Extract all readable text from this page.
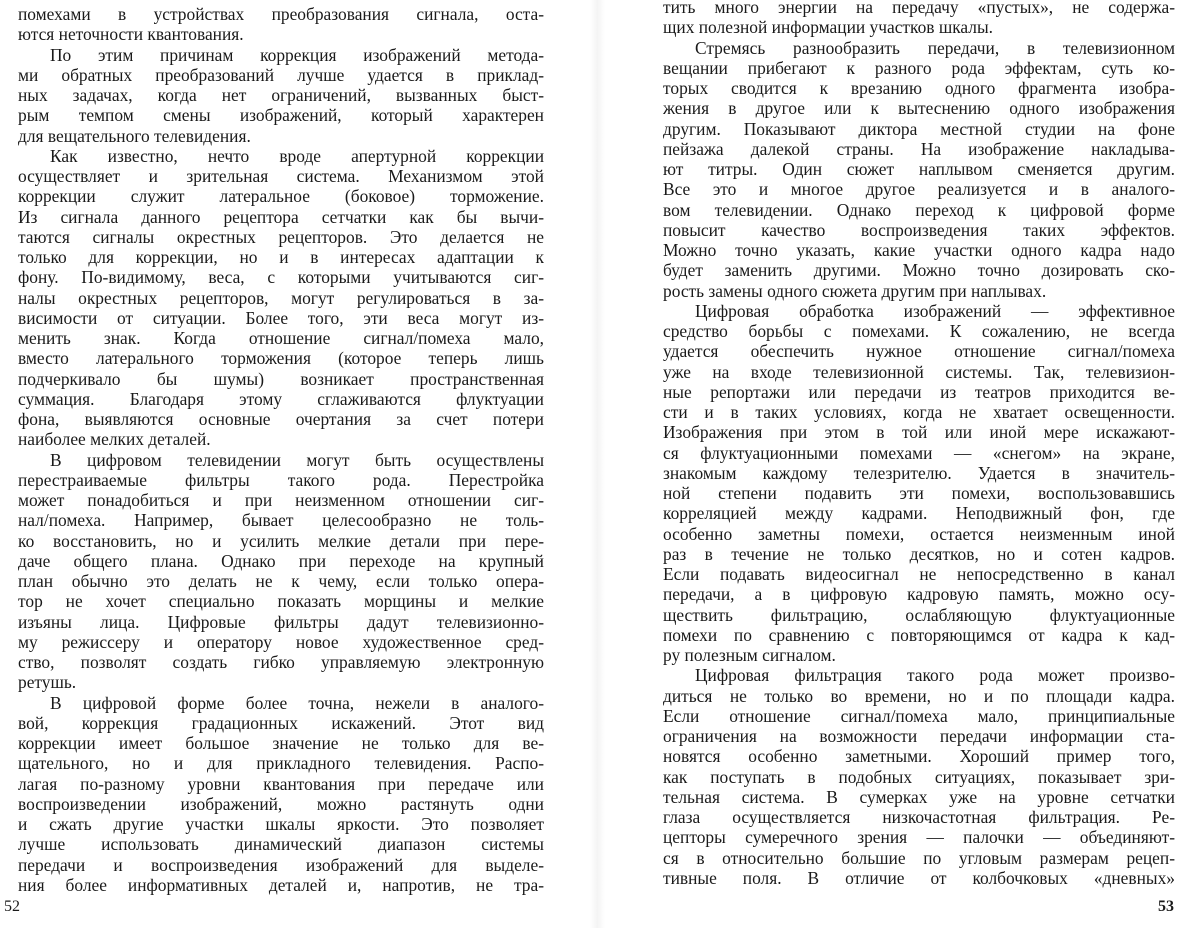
помехами в устройствах преобразования сигнала, оста-
ются неточности квантования.
По этим причинам коррекция изображений метода-
ми обратных преобразований лучше удается в приклад-
ных задачах, когда нет ограничений, вызванных быст-
рым темпом смены изображений, который характерен
для вещательного телевидения.
Как известно, нечто вроде апертурной коррекции
осуществляет и зрительная система. Механизмом этой
коррекции служит латеральное (боковое) торможение.
Из сигнала данного рецептора сетчатки как бы вычи-
таются сигналы окрестных рецепторов. Это делается не
только для коррекции, но и в интересах адаптации к
фону. По-видимому, веса, с которыми учитываются сиг-
налы окрестных рецепторов, могут регулироваться в за-
висимости от ситуации. Более того, эти веса могут из-
менить знак. Когда отношение сигнал/помеха мало,
вместо латерального торможения (которое теперь лишь
подчеркивало бы шумы) возникает пространственная
суммация. Благодаря этому сглаживаются флуктуации
фона, выявляются основные очертания за счет потери
наиболее мелких деталей.
В цифровом телевидении могут быть осуществлены
перестраиваемые фильтры такого рода. Перестройка
может понадобиться и при неизменном отношении сиг-
нал/помеха. Например, бывает целесообразно не толь-
ко восстановить, но и усилить мелкие детали при пере-
даче общего плана. Однако при переходе на крупный
план обычно это делать не к чему, если только опера-
тор не хочет специально показать морщины и мелкие
изъяны лица. Цифровые фильтры дадут телевизионно-
му режиссеру и оператору новое художественное сред-
ство, позволят создать гибко управляемую электронную
ретушь.
В цифровой форме более точна, нежели в аналого-
вой, коррекция градационных искажений. Этот вид
коррекции имеет большое значение не только для ве-
щательного, но и для прикладного телевидения. Распо-
лагая по-разному уровни квантования при передаче или
воспроизведении изображений, можно растянуть одни
и сжать другие участки шкалы яркости. Это позволяет
лучше использовать динамический диапазон системы
передачи и воспроизведения изображений для выделе-
ния более информативных деталей и, напротив, не тра-
52
тить много энергии на передачу «пустых», не содержа-
щих полезной информации участков шкалы.
Стремясь разнообразить передачи, в телевизионном
вещании прибегают к разного рода эффектам, суть ко-
торых сводится к врезанию одного фрагмента изобра-
жения в другое или к вытеснению одного изображения
другим. Показывают диктора местной студии на фоне
пейзажа далекой страны. На изображение накладыва-
ют титры. Один сюжет наплывом сменяется другим.
Все это и многое другое реализуется и в аналого-
вом телевидении. Однако переход к цифровой форме
повысит качество воспроизведения таких эффектов.
Можно точно указать, какие участки одного кадра надо
будет заменить другими. Можно точно дозировать ско-
рость замены одного сюжета другим при наплывах.
Цифровая обработка изображений — эффективное
средство борьбы с помехами. К сожалению, не всегда
удается обеспечить нужное отношение сигнал/помеха
уже на входе телевизионной системы. Так, телевизион-
ные репортажи или передачи из театров приходится ве-
сти и в таких условиях, когда не хватает освещенности.
Изображения при этом в той или иной мере искажают-
ся флуктуационными помехами — «снегом» на экране,
знакомым каждому телезрителю. Удается в значитель-
ной степени подавить эти помехи, воспользовавшись
корреляцией между кадрами. Неподвижный фон, где
особенно заметны помехи, остается неизменным иной
раз в течение не только десятков, но и сотен кадров.
Если подавать видеосигнал не непосредственно в канал
передачи, а в цифровую кадровую память, можно осу-
ществить фильтрацию, ослабляющую флуктуационные
помехи по сравнению с повторяющимся от кадра к кад-
ру полезным сигналом.
Цифровая фильтрация такого рода может произво-
диться не только во времени, но и по площади кадра.
Если отношение сигнал/помеха мало, принципиальные
ограничения на возможности передачи информации ста-
новятся особенно заметными. Хороший пример того,
как поступать в подобных ситуациях, показывает зри-
тельная система. В сумерках уже на уровне сетчатки
глаза осуществляется низкочастотная фильтрация. Ре-
цепторы сумеречного зрения — палочки — объединяют-
ся в относительно большие по угловым размерам рецеп-
тивные поля. В отличие от колбочковых «дневных»
53
